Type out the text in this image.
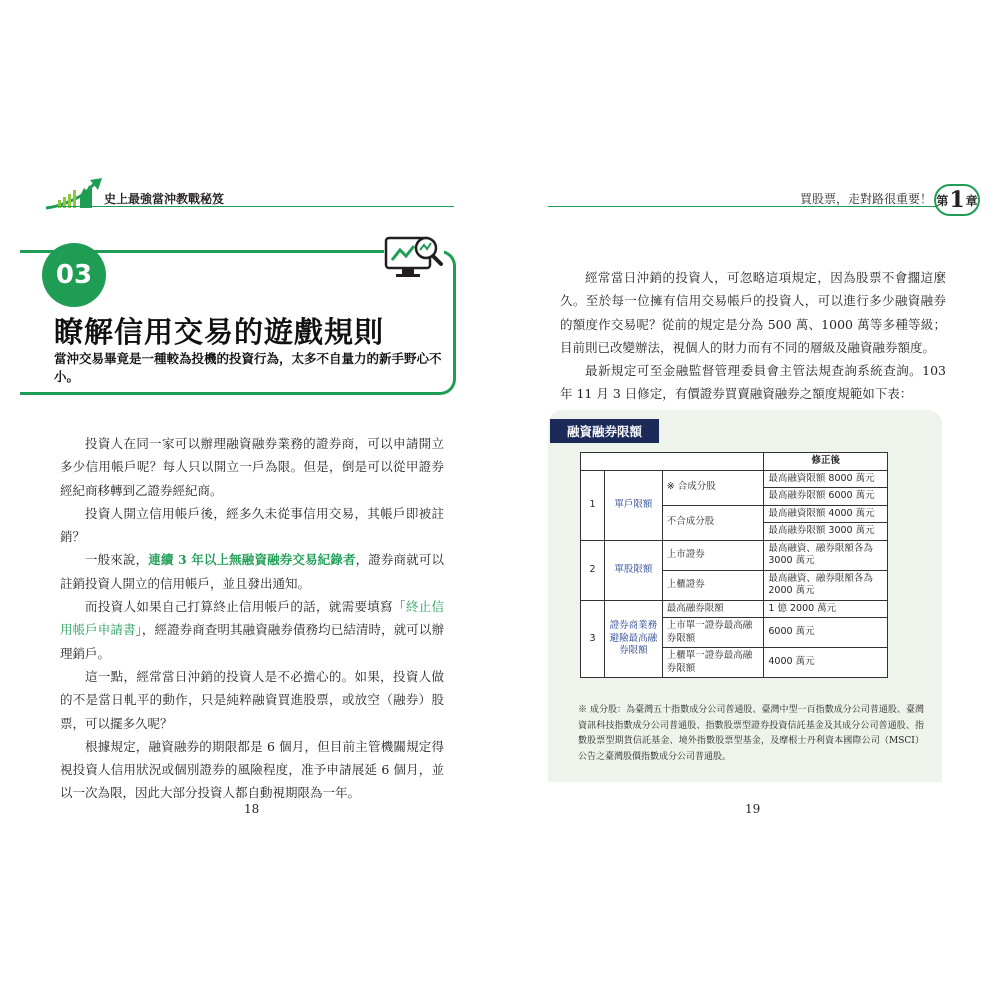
史上最強當沖教戰秘笈	買股票，走對路很重要！ 第 1 章
03
瞭解信用交易的遊戲規則
當沖交易畢竟是一種較為投機的投資行為，太多不自量力的新手野心不小。

投資人在同一家可以辦理融資融券業務的證券商，可以申請開立多少信用帳戶呢？每人只以開立一戶為限。但是，倒是可以從甲證券經紀商移轉到乙證券經紀商。

投資人開立信用帳戶後，經多久未從事信用交易，其帳戶即被註銷？

一般來說，連續 3 年以上無融資融券交易紀錄者，證券商就可以註銷投資人開立的信用帳戶，並且發出通知。

而投資人如果自己打算終止信用帳戶的話，就需要填寫「終止信用帳戶申請書」，經證券商查明其融資融券債務均已結清時，就可以辦理銷戶。

這一點，經常當日沖銷的投資人是不必擔心的。如果，投資人做的不是當日軋平的動作，只是純粹融資買進股票，或放空（融券）股票，可以擺多久呢？

根據規定，融資融券的期限都是 6 個月，但目前主管機關規定得視投資人信用狀況或個別證券的風險程度，准予申請展延 6 個月，並以一次為限，因此大部分投資人都自動視期限為一年。

經常當日沖銷的投資人，可忽略這項規定，因為股票不會擱這麼久。至於每一位擁有信用交易帳戶的投資人，可以進行多少融資融券的額度作交易呢？從前的規定是分為 500 萬、1000 萬等多種等級；目前則已改變辦法，視個人的財力而有不同的層級及融資融券額度。

最新規定可至金融監督管理委員會主管法規查詢系統查詢。103 年 11 月 3 日修定，有價證券買賣融資融券之額度規範如下表：

融資融券限額
			修正後
1	單戶限額	※ 合成分股	最高融資限額 8000 萬元
			最高融券限額 6000 萬元
		不合成分股	最高融資限額 4000 萬元
			最高融券限額 3000 萬元
2	單股限額	上市證券	最高融資、融券限額各為 3000 萬元
		上櫃證券	最高融資、融券限額各為 2000 萬元
3	證券商業務避險最高融券限額	最高融券限額	1 億 2000 萬元
		上市單一證券最高融券限額	6000 萬元
		上櫃單一證券最高融券限額	4000 萬元
※ 成分股：為臺灣五十指數成分公司普通股、臺灣中型一百指數成分公司普通股、臺灣資訊科技指數成分公司普通股、指數股票型證券投資信託基金及其成分公司普通股、指數股票型期貨信託基金、境外指數股票型基金，及摩根士丹利資本國際公司（MSCI）公告之臺灣股價指數成分公司普通股。
18	19
